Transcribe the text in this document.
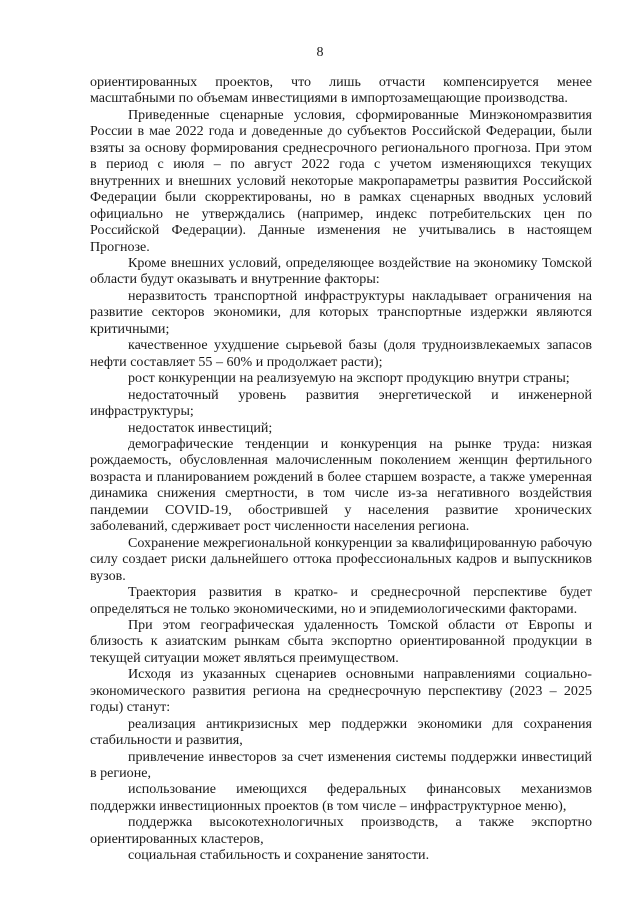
8

ориентированных проектов, что лишь отчасти компенсируется менее масштабными по объемам инвестициями в импортозамещающие производства.

Приведенные сценарные условия, сформированные Минэкономразвития России в мае 2022 года и доведенные до субъектов Российской Федерации, были взяты за основу формирования среднесрочного регионального прогноза. При этом в период с июля – по август 2022 года с учетом изменяющихся текущих внутренних и внешних условий некоторые макропараметры развития Российской Федерации были скорректированы, но в рамках сценарных вводных условий официально не утверждались (например, индекс потребительских цен по Российской Федерации). Данные изменения не учитывались в настоящем Прогнозе.

Кроме внешних условий, определяющее воздействие на экономику Томской области будут оказывать и внутренние факторы:

неразвитость транспортной инфраструктуры накладывает ограничения на развитие секторов экономики, для которых транспортные издержки являются критичными;

качественное ухудшение сырьевой базы (доля трудноизвлекаемых запасов нефти составляет 55 – 60% и продолжает расти);

рост конкуренции на реализуемую на экспорт продукцию внутри страны;

недостаточный уровень развития энергетической и инженерной инфраструктуры;

недостаток инвестиций;

демографические тенденции и конкуренция на рынке труда: низкая рождаемость, обусловленная малочисленным поколением женщин фертильного возраста и планированием рождений в более старшем возрасте, а также умеренная динамика снижения смертности, в том числе из-за негативного воздействия пандемии COVID-19, обострившей у населения развитие хронических заболеваний, сдерживает рост численности населения региона.

Сохранение межрегиональной конкуренции за квалифицированную рабочую силу создает риски дальнейшего оттока профессиональных кадров и выпускников вузов.

Траектория развития в кратко- и среднесрочной перспективе будет определяться не только экономическими, но и эпидемиологическими факторами.

При этом географическая удаленность Томской области от Европы и близость к азиатским рынкам сбыта экспортно ориентированной продукции в текущей ситуации может являться преимуществом.

Исходя из указанных сценариев основными направлениями социально-экономического развития региона на среднесрочную перспективу (2023 – 2025 годы) станут:

реализация антикризисных мер поддержки экономики для сохранения стабильности и развития,

привлечение инвесторов за счет изменения системы поддержки инвестиций в регионе,

использование имеющихся федеральных финансовых механизмов поддержки инвестиционных проектов (в том числе – инфраструктурное меню),

поддержка высокотехнологичных производств, а также экспортно ориентированных кластеров,

социальная стабильность и сохранение занятости.
